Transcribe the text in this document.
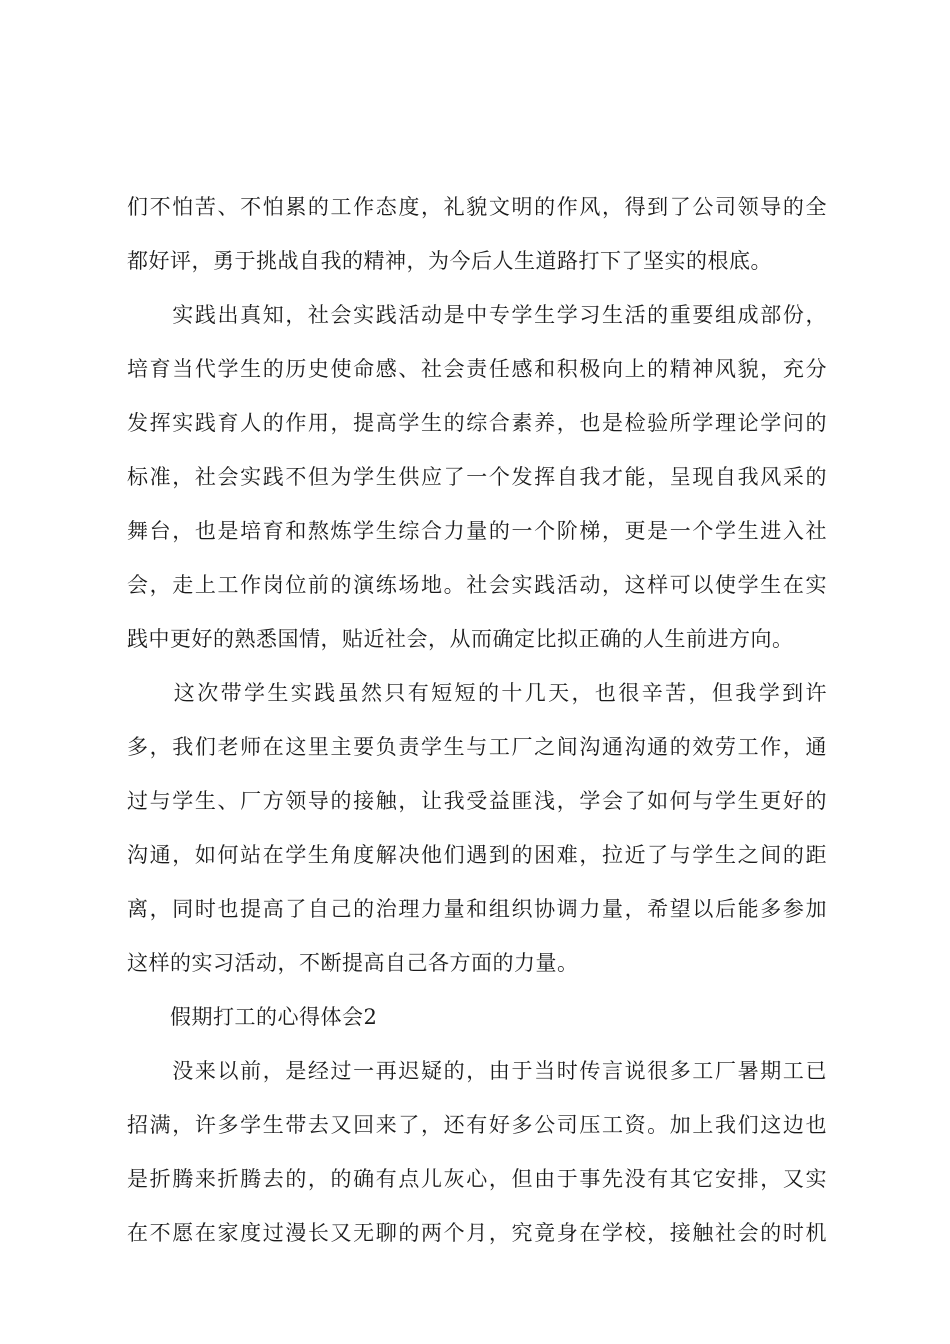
们不怕苦、不怕累的工作态度，礼貌文明的作风，得到了公司领导的全
都好评，勇于挑战自我的精神，为今后人生道路打下了坚实的根底。
　　实践出真知，社会实践活动是中专学生学习生活的重要组成部份，
培育当代学生的历史使命感、社会责任感和积极向上的精神风貌，充分
发挥实践育人的作用，提高学生的综合素养，也是检验所学理论学问的
标准，社会实践不但为学生供应了一个发挥自我才能，呈现自我风采的
舞台，也是培育和熬炼学生综合力量的一个阶梯，更是一个学生进入社
会，走上工作岗位前的演练场地。社会实践活动，这样可以使学生在实
践中更好的熟悉国情，贴近社会，从而确定比拟正确的人生前进方向。
　　这次带学生实践虽然只有短短的十几天，也很辛苦，但我学到许
多，我们老师在这里主要负责学生与工厂之间沟通沟通的效劳工作，通
过与学生、厂方领导的接触，让我受益匪浅，学会了如何与学生更好的
沟通，如何站在学生角度解决他们遇到的困难，拉近了与学生之间的距
离，同时也提高了自己的治理力量和组织协调力量，希望以后能多参加
这样的实习活动，不断提高自己各方面的力量。
　　假期打工的心得体会2
　　没来以前，是经过一再迟疑的，由于当时传言说很多工厂暑期工已
招满，许多学生带去又回来了，还有好多公司压工资。加上我们这边也
是折腾来折腾去的，的确有点儿灰心，但由于事先没有其它安排，又实
在不愿在家度过漫长又无聊的两个月，究竟身在学校，接触社会的时机
